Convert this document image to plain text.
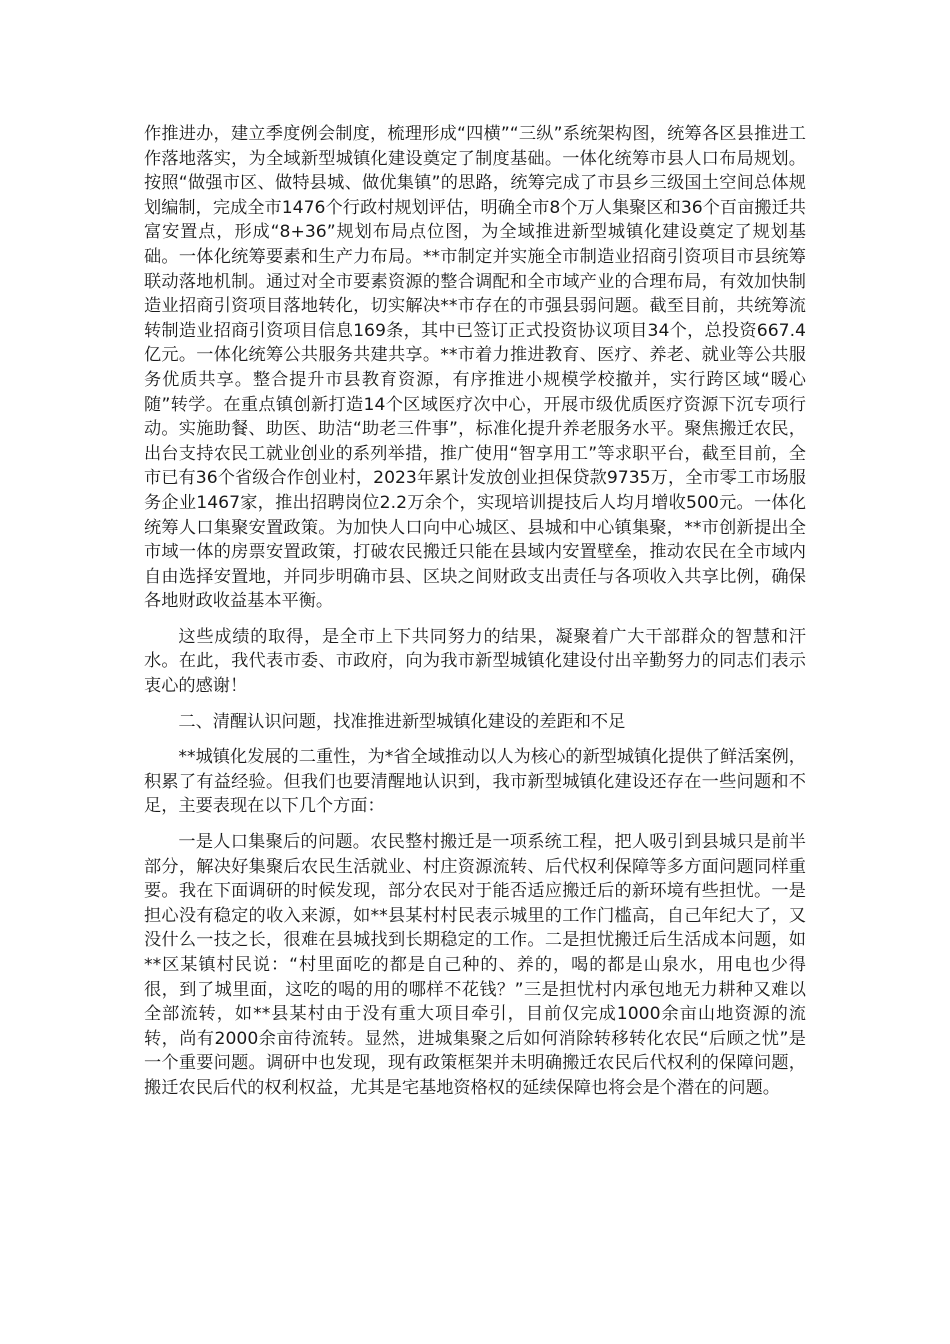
作推进办，建立季度例会制度，梳理形成“四横”“三纵”系统架构图，统筹各区县推进工作落地落实，为全域新型城镇化建设奠定了制度基础。一体化统筹市县人口布局规划。按照“做强市区、做特县城、做优集镇”的思路，统筹完成了市县乡三级国土空间总体规划编制，完成全市1476个行政村规划评估，明确全市8个万人集聚区和36个百亩搬迁共富安置点，形成“8+36”规划布局点位图，为全域推进新型城镇化建设奠定了规划基础。一体化统筹要素和生产力布局。**市制定并实施全市制造业招商引资项目市县统筹联动落地机制。通过对全市要素资源的整合调配和全市域产业的合理布局，有效加快制造业招商引资项目落地转化，切实解决**市存在的市强县弱问题。截至目前，共统筹流转制造业招商引资项目信息169条，其中已签订正式投资协议项目34个，总投资667.4亿元。一体化统筹公共服务共建共享。**市着力推进教育、医疗、养老、就业等公共服务优质共享。整合提升市县教育资源，有序推进小规模学校撤并，实行跨区域“暖心随”转学。在重点镇创新打造14个区域医疗次中心，开展市级优质医疗资源下沉专项行动。实施助餐、助医、助洁“助老三件事”，标准化提升养老服务水平。聚焦搬迁农民，出台支持农民工就业创业的系列举措，推广使用“智享用工”等求职平台，截至目前，全市已有36个省级合作创业村，2023年累计发放创业担保贷款9735万，全市零工市场服务企业1467家，推出招聘岗位2.2万余个，实现培训提技后人均月增收500元。一体化统筹人口集聚安置政策。为加快人口向中心城区、县城和中心镇集聚，**市创新提出全市域一体的房票安置政策，打破农民搬迁只能在县域内安置壁垒，推动农民在全市域内自由选择安置地，并同步明确市县、区块之间财政支出责任与各项收入共享比例，确保各地财政收益基本平衡。

这些成绩的取得，是全市上下共同努力的结果，凝聚着广大干部群众的智慧和汗水。在此，我代表市委、市政府，向为我市新型城镇化建设付出辛勤努力的同志们表示衷心的感谢！

二、清醒认识问题，找准推进新型城镇化建设的差距和不足

**城镇化发展的二重性，为*省全域推动以人为核心的新型城镇化提供了鲜活案例，积累了有益经验。但我们也要清醒地认识到，我市新型城镇化建设还存在一些问题和不足，主要表现在以下几个方面：

一是人口集聚后的问题。农民整村搬迁是一项系统工程，把人吸引到县城只是前半部分，解决好集聚后农民生活就业、村庄资源流转、后代权利保障等多方面问题同样重要。我在下面调研的时候发现，部分农民对于能否适应搬迁后的新环境有些担忧。一是担心没有稳定的收入来源，如**县某村村民表示城里的工作门槛高，自己年纪大了，又没什么一技之长，很难在县城找到长期稳定的工作。二是担忧搬迁后生活成本问题，如**区某镇村民说：“村里面吃的都是自己种的、养的，喝的都是山泉水，用电也少得很，到了城里面，这吃的喝的用的哪样不花钱？”三是担忧村内承包地无力耕种又难以全部流转，如**县某村由于没有重大项目牵引，目前仅完成1000余亩山地资源的流转，尚有2000余亩待流转。显然，进城集聚之后如何消除转移转化农民“后顾之忧”是一个重要问题。调研中也发现，现有政策框架并未明确搬迁农民后代权利的保障问题，搬迁农民后代的权利权益，尤其是宅基地资格权的延续保障也将会是个潜在的问题。
